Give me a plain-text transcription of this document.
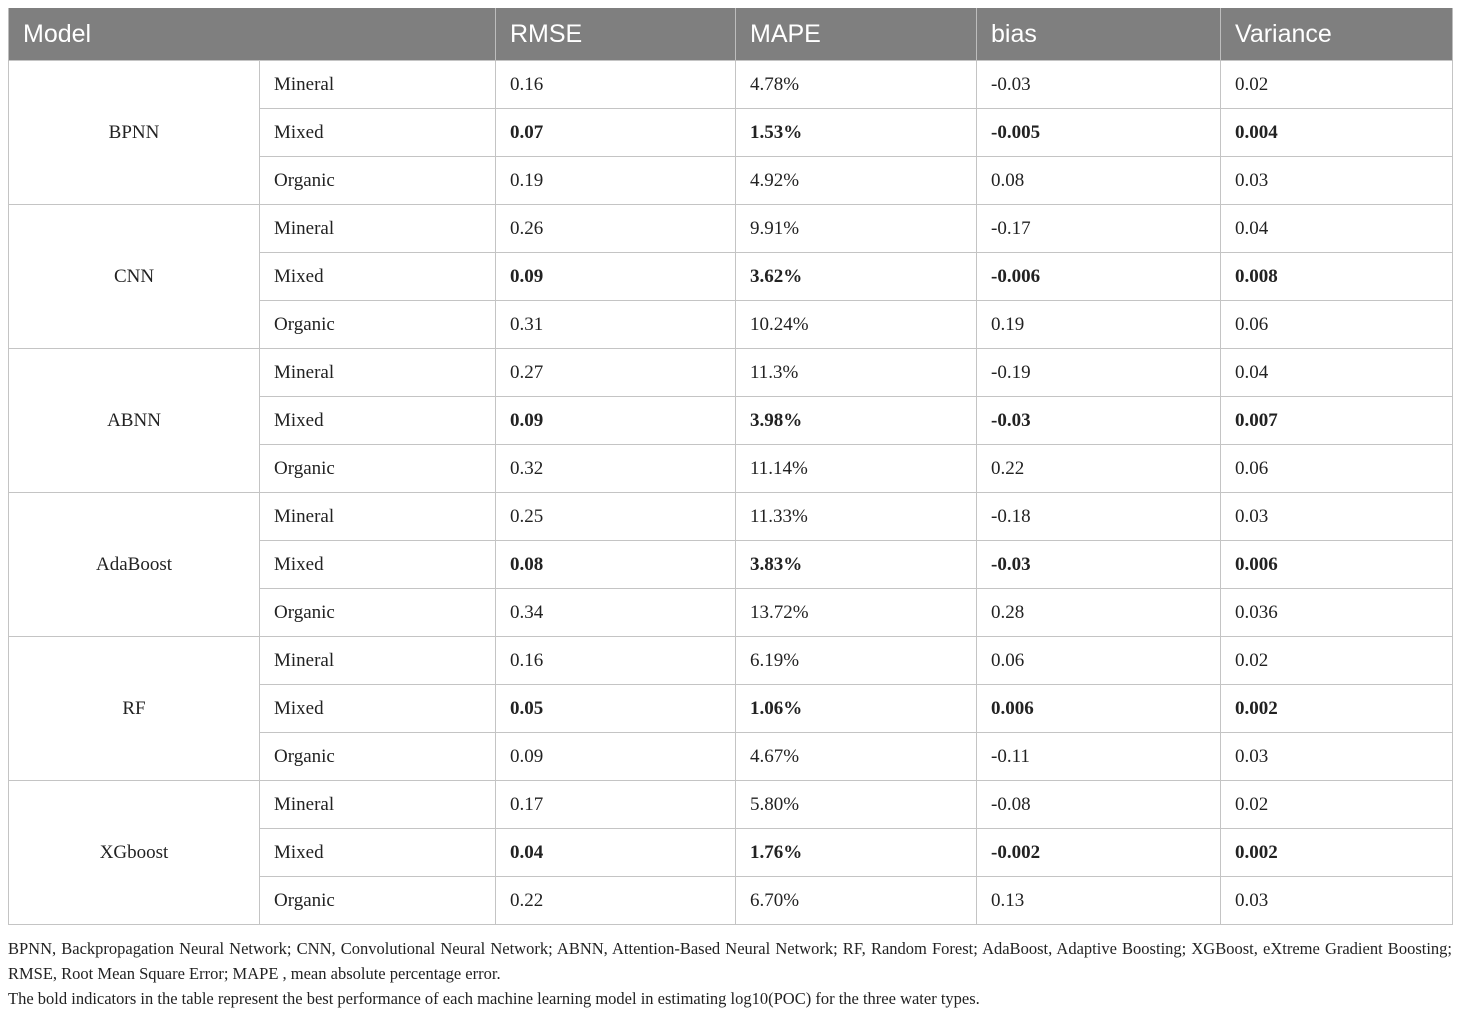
Model		RMSE	MAPE	bias	Variance
BPNN	Mineral	0.16	4.78%	-0.03	0.02
	Mixed	0.07	1.53%	-0.005	0.004
	Organic	0.19	4.92%	0.08	0.03
CNN	Mineral	0.26	9.91%	-0.17	0.04
	Mixed	0.09	3.62%	-0.006	0.008
	Organic	0.31	10.24%	0.19	0.06
ABNN	Mineral	0.27	11.3%	-0.19	0.04
	Mixed	0.09	3.98%	-0.03	0.007
	Organic	0.32	11.14%	0.22	0.06
AdaBoost	Mineral	0.25	11.33%	-0.18	0.03
	Mixed	0.08	3.83%	-0.03	0.006
	Organic	0.34	13.72%	0.28	0.036
RF	Mineral	0.16	6.19%	0.06	0.02
	Mixed	0.05	1.06%	0.006	0.002
	Organic	0.09	4.67%	-0.11	0.03
XGboost	Mineral	0.17	5.80%	-0.08	0.02
	Mixed	0.04	1.76%	-0.002	0.002
	Organic	0.22	6.70%	0.13	0.03

BPNN, Backpropagation Neural Network; CNN, Convolutional Neural Network; ABNN, Attention-Based Neural Network; RF, Random Forest; AdaBoost, Adaptive Boosting; XGBoost, eXtreme Gradient Boosting; RMSE, Root Mean Square Error; MAPE , mean absolute percentage error.

The bold indicators in the table represent the best performance of each machine learning model in estimating log10(POC) for the three water types.
